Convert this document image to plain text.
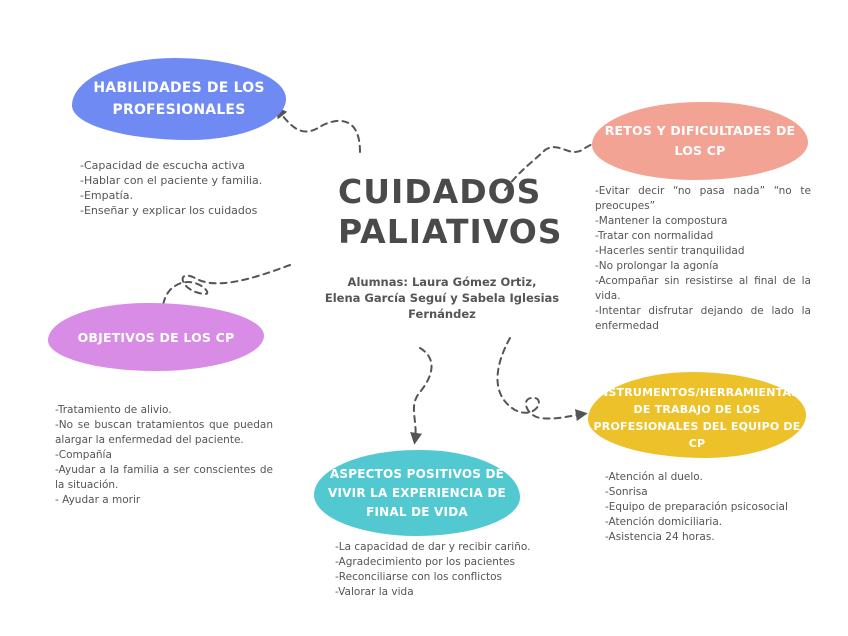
CUIDADOS
PALIATIVOS
Alumnas: Laura Gómez Ortiz,
Elena García Seguí y Sabela Iglesias
Fernández
HABILIDADES DE LOS
PROFESIONALES
-Capacidad de escucha activa
-Hablar con el paciente y familia.
-Empatía.
-Enseñar y explicar los cuidados
RETOS Y DIFICULTADES DE
LOS CP
-Evitar decir “no pasa nada” “no te preocupes”
-Mantener la compostura
-Tratar con normalidad
-Hacerles sentir tranquilidad
-No prolongar la agonía
-Acompañar sin resistirse al final de la vida.
-Intentar disfrutar dejando de lado la enfermedad
OBJETIVOS DE LOS CP
-Tratamiento de alivio.
-No se buscan tratamientos que puedan alargar la enfermedad del paciente.
-Compañía
-Ayudar a la familia a ser conscientes de la situación.
- Ayudar a morir
ASPECTOS POSITIVOS DE
VIVIR LA EXPERIENCIA DE
FINAL DE VIDA
-La capacidad de dar y recibir cariño.
-Agradecimiento por los pacientes
-Reconciliarse con los conflictos
-Valorar la vida
INSTRUMENTOS/HERRAMIENTAS
DE TRABAJO DE LOS
PROFESIONALES DEL EQUIPO DE
CP
-Atención al duelo.
-Sonrisa
-Equipo de preparación psicosocial
-Atención domiciliaria.
-Asistencia 24 horas.
